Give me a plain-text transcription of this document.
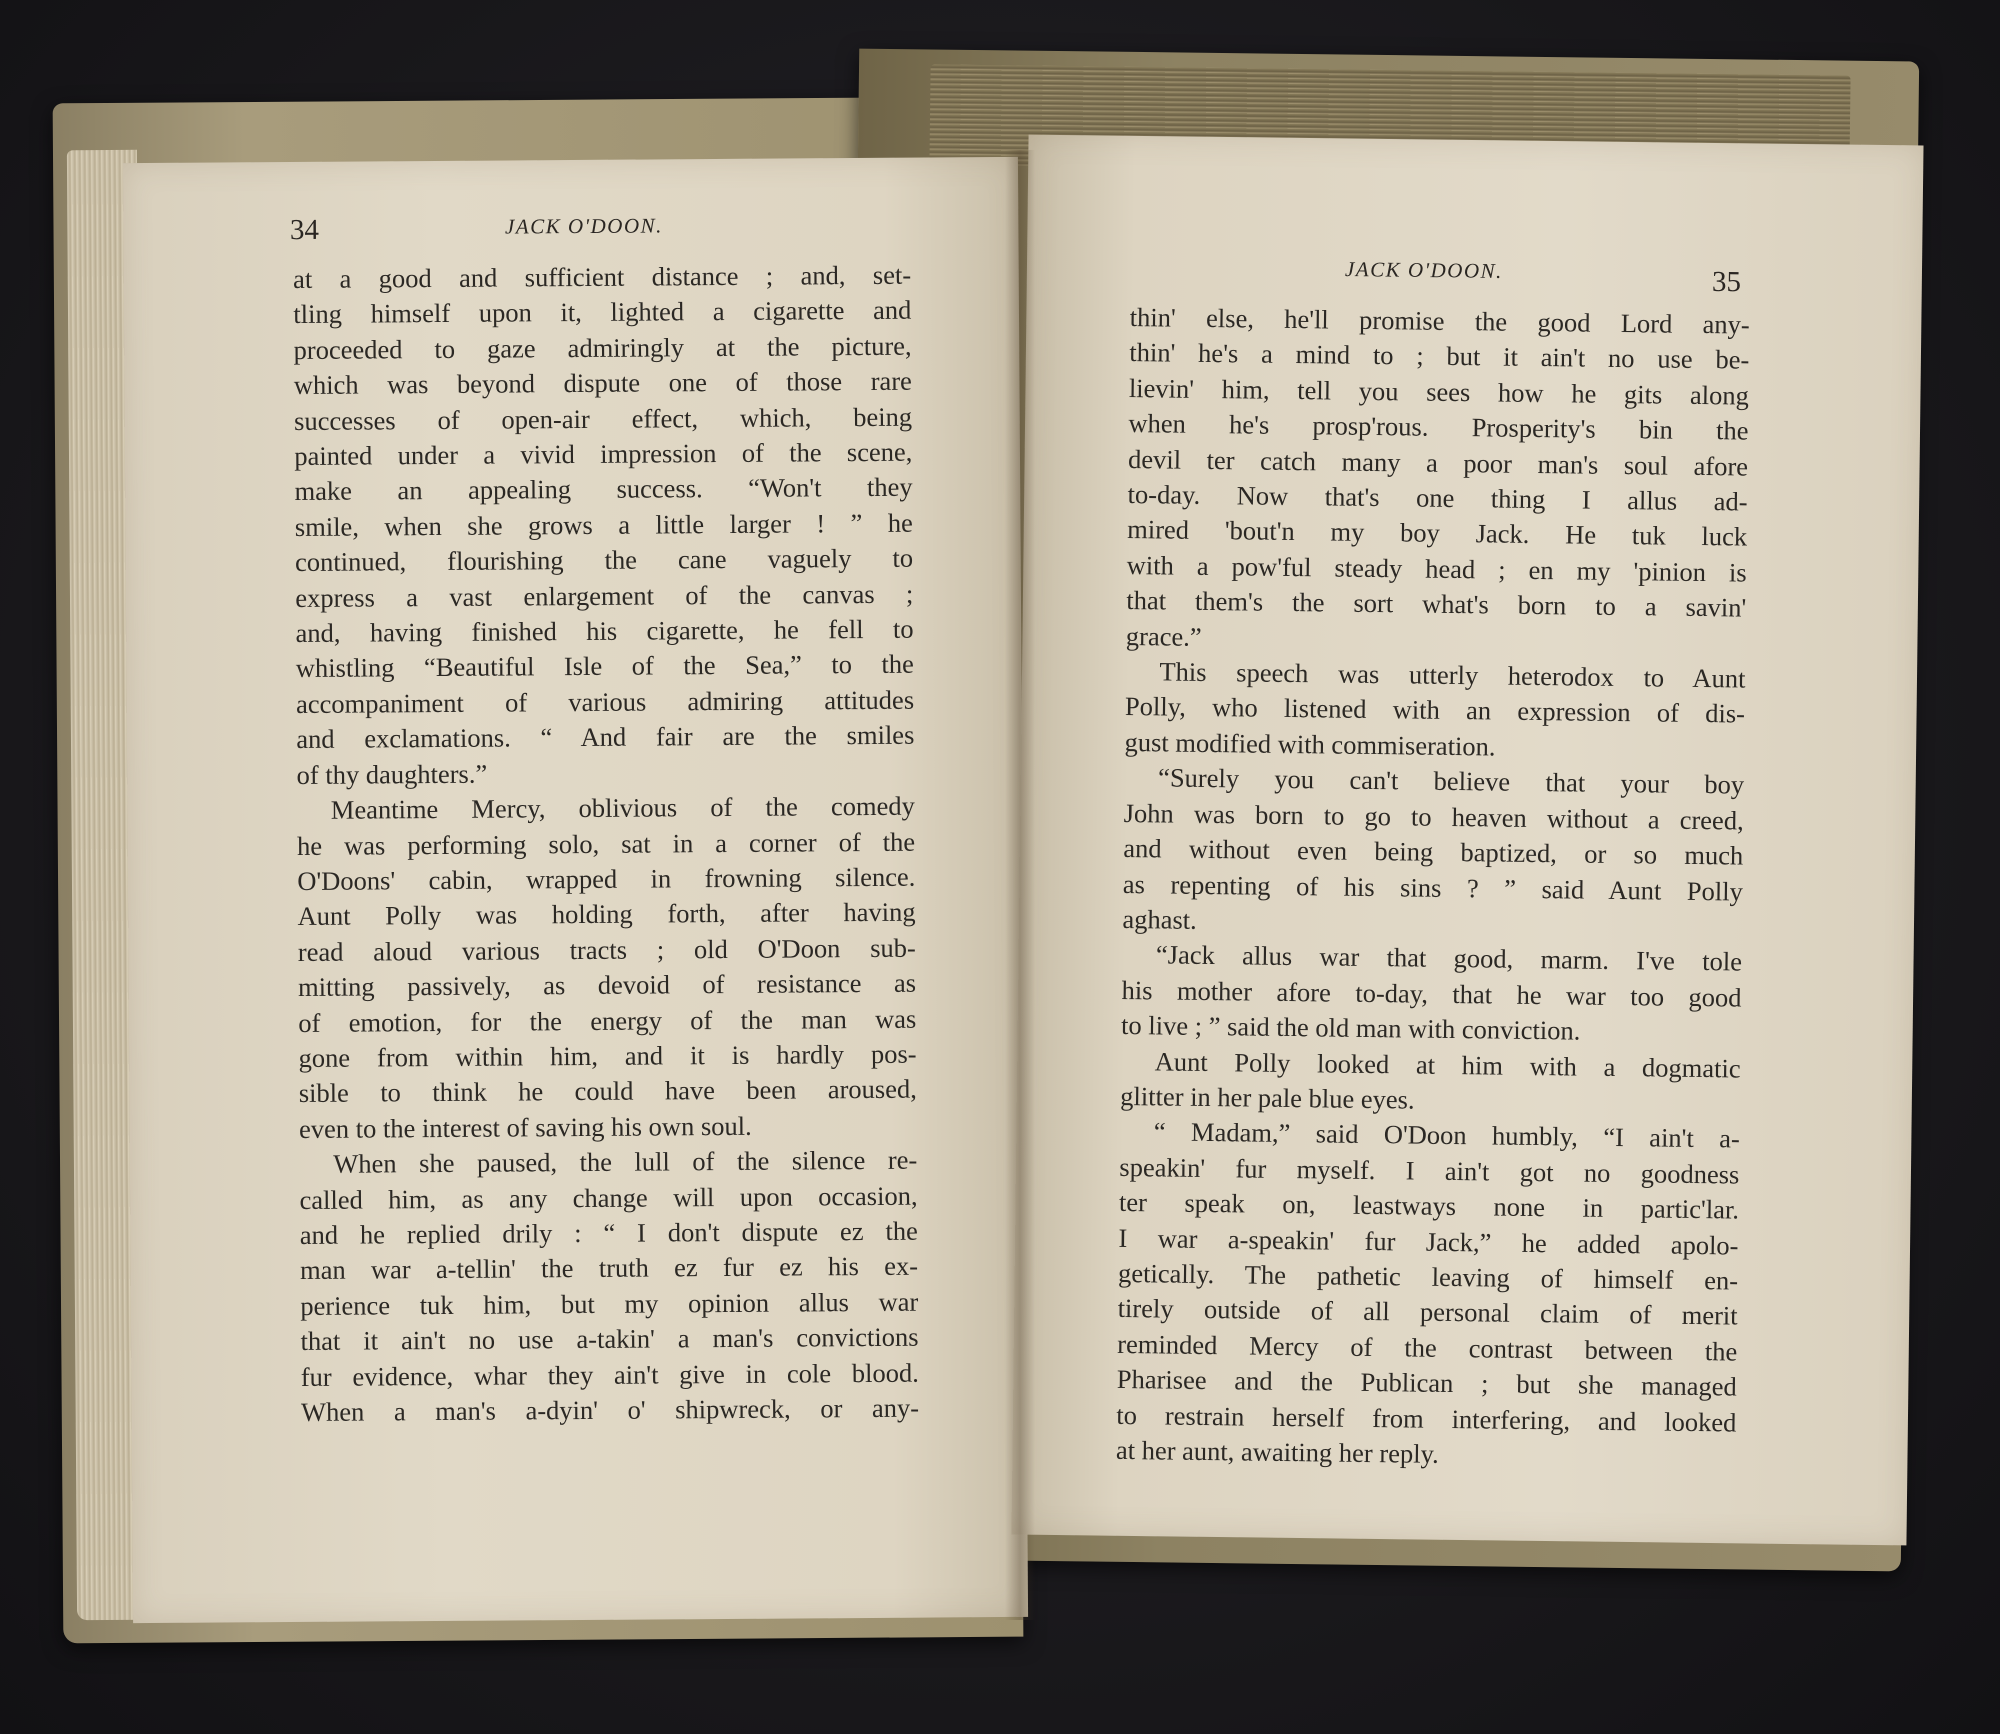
34	JACK O'DOON.
JACK O'DOON.	35
at a good and sufficient distance ; and, set-
tling himself upon it, lighted a cigarette and
proceeded to gaze admiringly at the picture,
which was beyond dispute one of those rare
successes of open-air effect, which, being
painted under a vivid impression of the scene,
make an appealing success. “Won't they
smile, when she grows a little larger ! ” he
continued, flourishing the cane vaguely to
express a vast enlargement of the canvas ;
and, having finished his cigarette, he fell to
whistling “Beautiful Isle of the Sea,” to the
accompaniment of various admiring attitudes
and exclamations. “ And fair are the smiles
of thy daughters.”
Meantime Mercy, oblivious of the comedy
he was performing solo, sat in a corner of the
O'Doons' cabin, wrapped in frowning silence.
Aunt Polly was holding forth, after having
read aloud various tracts ; old O'Doon sub-
mitting passively, as devoid of resistance as
of emotion, for the energy of the man was
gone from within him, and it is hardly pos-
sible to think he could have been aroused,
even to the interest of saving his own soul.
When she paused, the lull of the silence re-
called him, as any change will upon occasion,
and he replied drily : “ I don't dispute ez the
man war a-tellin' the truth ez fur ez his ex-
perience tuk him, but my opinion allus war
that it ain't no use a-takin' a man's convictions
fur evidence, whar they ain't give in cole blood.
When a man's a-dyin' o' shipwreck, or any-
thin' else, he'll promise the good Lord any-
thin' he's a mind to ; but it ain't no use be-
lievin' him, tell you sees how he gits along
when he's prosp'rous. Prosperity's bin the
devil ter catch many a poor man's soul afore
to-day. Now that's one thing I allus ad-
mired 'bout'n my boy Jack. He tuk luck
with a pow'ful steady head ; en my 'pinion is
that them's the sort what's born to a savin'
grace.”
This speech was utterly heterodox to Aunt
Polly, who listened with an expression of dis-
gust modified with commiseration.
“Surely you can't believe that your boy
John was born to go to heaven without a creed,
and without even being baptized, or so much
as repenting of his sins ? ” said Aunt Polly
aghast.
“Jack allus war that good, marm. I've tole
his mother afore to-day, that he war too good
to live ; ” said the old man with conviction.
Aunt Polly looked at him with a dogmatic
glitter in her pale blue eyes.
“ Madam,” said O'Doon humbly, “I ain't a-
speakin' fur myself. I ain't got no goodness
ter speak on, leastways none in partic'lar.
I war a-speakin' fur Jack,” he added apolo-
getically. The pathetic leaving of himself en-
tirely outside of all personal claim of merit
reminded Mercy of the contrast between the
Pharisee and the Publican ; but she managed
to restrain herself from interfering, and looked
at her aunt, awaiting her reply.
